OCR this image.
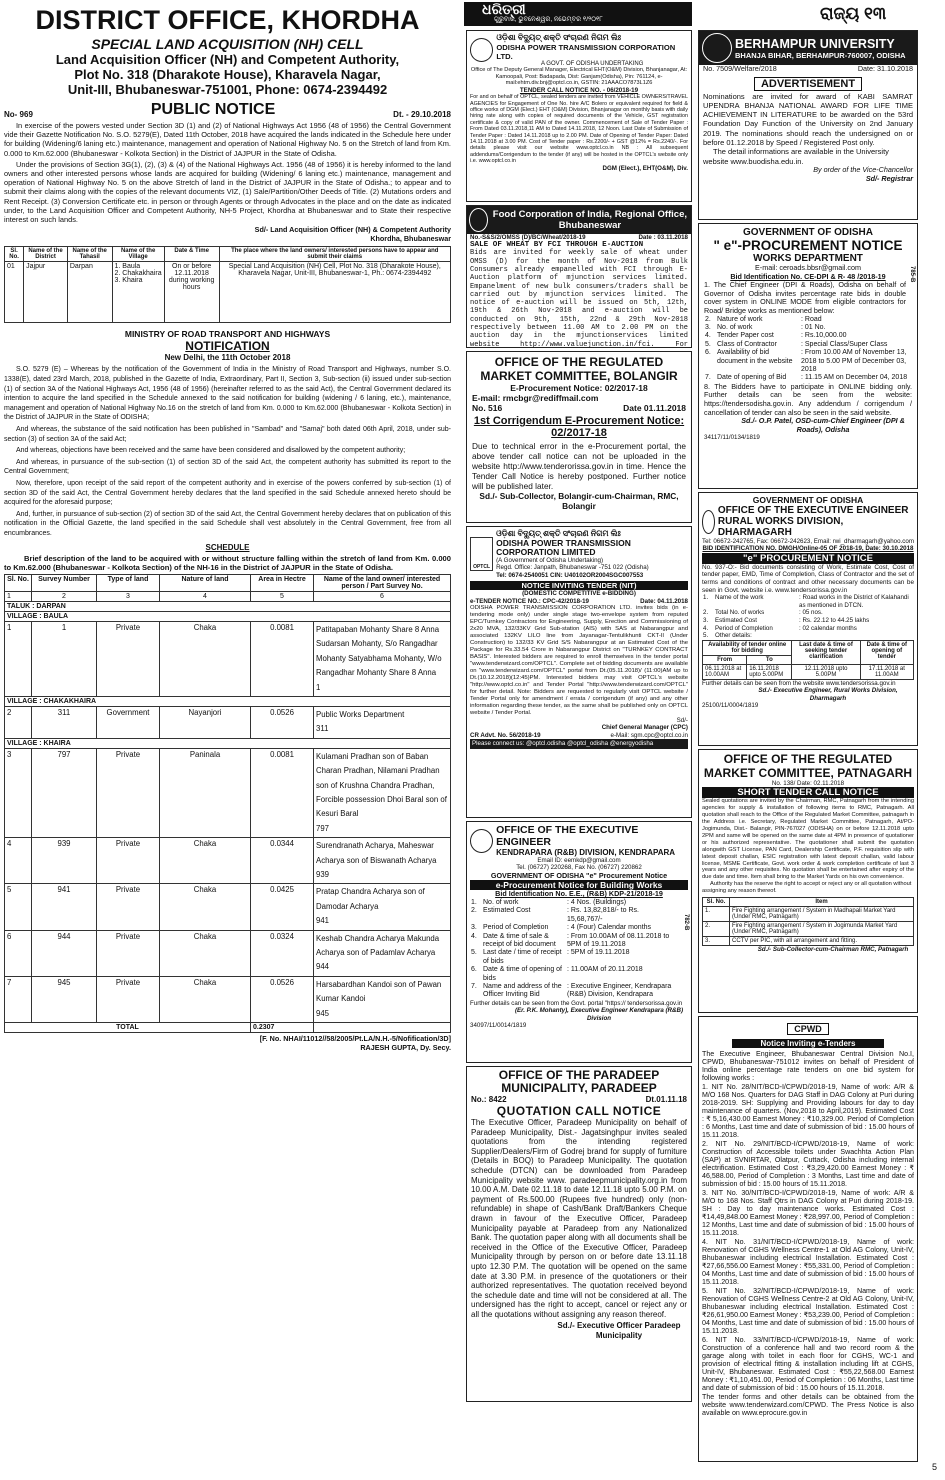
DISTRICT OFFICE, KHORDHA
SPECIAL LAND ACQUISITION (NH) CELL
Land Acquisition Officer (NH) and Competent Authority,
Plot No. 318 (Dharakote House), Kharavela Nagar,
Unit-III, Bhubaneswar-751001, Phone: 0674-2394492
No- 969	PUBLIC NOTICE	Dt. - 29.10.2018

In exercise of the powers vested under Section 3D (1) and (2) of National Highways Act 1956 (48 of 1956) the Central Government vide their Gazette Notification No. S.O. 5279(E), Dated 11th October, 2018 have acquired the lands indicated in the Schedule here under for building (Widening/6 laning etc.) maintenance, management and operation of National Highway No. 5 on the Stretch of land from Km. 0.000 to Km.62.000 (Bhubaneswar - Kolkota Section) in the District of JAJPUR in the State of Odisha.

Under the provisions of Section 3G(1), (2), (3) & (4) of the National Highways Act. 1956 (48 of 1956) it is hereby informed to the land owners and other interested persons whose lands are acquired for building (Widening/ 6 laning etc.) maintenance, management and operation of National Highway No. 5 on the above Stretch of land in the District of JAJPUR in the State of Odisha.; to appear and to submit their claims along with the copies of the relevant documents VIZ, (1) Sale/Partition/Other Deeds of Title. (2) Mutations orders and Rent Receipt. (3) Conversion Certificate etc. in person or through Agents or through Advocates in the place and on the date as indicated under, to the Land Acquisition Officer and Competent Authority, NH-5 Project, Khordha at Bhubaneswar and to State their respective interest on such lands.

Sd/- Land Acquisition Officer (NH) & Competent Authority
Khordha, Bhubaneswar
Sl. No.	Name of the District	Name of the Tahasil	Name of the Village	Date & Time	The place where the land owners/ interested persons have to appear and submit their claims
01	Jajpur	Darpan	1. Baula
2. Chakakhaira
3. Khaira	On or before
12.11.2018
during working hours	Special Land Acquisition (NH) Cell, Plot No. 318 (Dharakote House), Kharavela Nagar, Unit-III, Bhubaneswar-1, Ph.: 0674-2394492
MINISTRY OF ROAD TRANSPORT AND HIGHWAYS
NOTIFICATION
New Delhi, the 11th October 2018

S.O. 5279 (E) – Whereas by the notification of the Government of India in the Ministry of Road Transport and Highways, number S.O. 1338(E), dated 23rd March, 2018, published in the Gazette of India, Extraordinary, Part II, Section 3, Sub-section (ii) issued under sub-section (1) of section 3A of the National Highways Act, 1956 (48 of 1956) (hereinafter referred to as the said Act), the Central Government declared its intention to acquire the land specified in the Schedule annexed to the said notification for building (widening / 6 laning, etc.), maintenance, management and operation of National Highway No.16 on the stretch of land from Km. 0.000 to Km.62.000 (Bhubaneswar - Kolkota Section) in the District of JAJPUR in the State of ODISHA;

And whereas, the substance of the said notification has been published in "Sambad" and "Samaj" both dated 06th April, 2018, under sub-section (3) of section 3A of the said Act;

And whereas, objections have been received and the same have been considered and disallowed by the competent authority;

And whereas, in pursuance of the sub-section (1) of section 3D of the said Act, the competent authority has submitted its report to the Central Government;

Now, therefore, upon receipt of the said report of the competent authority and in exercise of the powers conferred by sub-section (1) of section 3D of the said Act, the Central Government hereby declares that the land specified in the said Schedule annexed hereto should be acquired for the aforesaid purpose;

And, further, in pursuance of sub-section (2) of section 3D of the said Act, the Central Government hereby declares that on publication of this notification in the Official Gazette, the land specified in the said Schedule shall vest absolutely in the Central Government, free from all encumbrances.

SCHEDULE

Brief description of the land to be acquired with or without structure falling within the stretch of land from Km. 0.000 to Km.62.000 (Bhubaneswar - Kolkota Section) of the NH-16 in the District of JAJPUR in the State of Odisha.

Sl. No.	Survey Number	Type of land	Nature of land	Area in Hectre	Name of the land owner/ interested person / Part Survey No.
1	2	3	4	5	6
TALUK : DARPAN					
VILLAGE : BAULA					
1	1	Private	Chaka	0.0081	Patitapaban Mohanty Share 8 Anna Sudarsan Mohanty, S/o Rangadhar Mohanty Satyabhama Mohanty, W/o Rangadhar Mohanty Share 8 Anna
1
VILLAGE : CHAKAKHAIRA					
2	311	Government	Nayanjori	0.0526	Public Works Department
311
VILLAGE : KHAIRA					
3	797	Private	Paninala	0.0081	Kulamani Pradhan son of Baban Charan Pradhan, Nilamani Pradhan son of Krushna Chandra Pradhan, Forcible possession Dhoi Baral son of Kesuri Baral
797
4	939	Private	Chaka	0.0344	Surendranath Acharya, Maheswar Acharya son of Biswanath Acharya
939
5	941	Private	Chaka	0.0425	Pratap Chandra Acharya son of Damodar Acharya
941
6	944	Private	Chaka	0.0324	Keshab Chandra Acharya Makunda Acharya son of Padamlav Acharya
944
7	945	Private	Chaka	0.0526	Harsabardhan Kandoi son of Pawan Kumar Kandoi
945
TOTAL				0.2307	
[F. No. NHAI/11012//58/2005/Pt.LA/N.H.-5/Nofification/3D]
RAJESH GUPTA, Dy. Secy.
ଧରିତ୍ରୀ
ଗୁରୁବାର, ଭୁବନେଶ୍ୱର, ନଭେମ୍ବର ୧/୨୦୧୮	ରାଜ୍ୟ ୧୩
ଓଡ଼ିଶା ବିଦ୍ୟୁତ୍ ଶକ୍ତି ସଂଚାରଣ ନିଗମ ଲିଃ
ODISHA POWER TRANSMISSION CORPORATION LTD.
A GOVT. OF ODISHA UNDERTAKING
Office of The Deputy General Manager, Electrical EHT(O&M) Division, Bhanjanagar, At: Kamoopali, Post: Badapada, Dist: Ganjam(Odisha), Pin: 761124, e-mail:ehtm.div.bnj@optcl.co.in, GSTIN: 21AAACO7873L1Z6
TENDER CALL NOTICE NO. - 06/2018-19
For and on behalf of OPTCL, sealed tenders are invited from VEHICLE OWNERS/TRAVEL AGENCIES for Engagement of One No. hire A/C Bolero or equivalent required for field & office works of DGM (Elect.) EHT (O&M) Division, Bhanjanagar on monthly basis with daily hiring rate along with copies of required documents of the Vehicle, GST registration certificate & copy of valid PAN of the owner. Commencement of Sale of Tender Paper : From Dated 03.11.2018,11 AM to Dated 14.11.2018, 12 Noon. Last Date of Submission of Tender Paper : Dated 14.11.2018 up to 2.00 PM. Date of Opening of Tender Paper: Dated 14.11.2018 at 3.00 PM. Cost of Tender paper : Rs.2200/- + GST @12% = Rs.2240/-. For details please visit our website www.optcl.co.in NB : All subsequent addendums/Corrigendum to the tender (if any) will be hosted in the OPTCL's website only i.e. www.optcl.co.in
DGM (Elect.), EHT(O&M), Div.
Food Corporation of India, Regional Office, Bhubaneswar
No.-S&S/2/OMSS (D)/BC/Wheat/2018-19	Date : 03.11.2018
SALE OF WHEAT BY FCI THROUGH E-AUCTION
Bids are invited for weekly sale of wheat under OMSS (D) for the month of Nov-2018 from Bulk Consumers already empanelled with FCI through E-Auction platform of mjunction services limited. Empanelment of new bulk consumers/traders shall be carried out by mjunction services limited. The notice of e-auction will be issued on 5th, 12th, 19th & 26th Nov-2018 and e-auction will be conducted on 9th, 15th, 22nd & 29th Nov-2018 respectively between 11.00 AM to 2.00 PM on the auction day in the mjunctionservices limited website http://www.valuejunction.in/fci. For
OFFICE OF THE REGULATED MARKET COMMITTEE, BOLANGIR
E-Procurement Notice: 02/2017-18
E-mail: rmcbgr@rediffmail.com
No. 516	Date 01.11.2018
1st Corrigendum E-Procurement Notice: 02/2017-18
Due to technical error in the e-Procurement portal, the above tender call notice can not be uploaded in the website http://www.tenderorissa.gov.in in time. Hence the Tender Call Notice is hereby postponed. Further notice will be published later.
Sd./- Sub-Collector, Bolangir-cum-Chairman, RMC, Bolangir
OPTCL
ଓଡ଼ିଶା ବିଦ୍ୟୁତ୍ ଶକ୍ତି ସଂଚାରଣ ନିଗମ ଲିଃ
ODISHA POWER TRANSMISSION CORPORATION LIMITED
(A Government of Odisha Undertaking)
Regd. Office: Janpath, Bhubaneswar -751 022 (Odisha)
Tel: 0674-2540051 CIN: U40102OR2004SGC007553
NOTICE INVITING TENDER (NIT)
(DOMESTIC COMPETITIVE e-BIDDING)
e-TENDER NOTICE NO.: CPC-42/2018-19	Date: 04.11.2018
ODISHA POWER TRANSMISSION CORPORATION LTD. invites bids (in e-tendering mode only) under single stage two-envelope system from reputed EPC/Turnkey Contractors for Engineering, Supply, Erection and Commissioning of 2x20 MVA, 132/33KV Grid Sub-station (AIS) with SAS at Nabarangpur and associated 132KV LILO line from Jayanagar-Tentulikhunti CKT-II (Under Construction) to 132/33 KV Grid S/S Nabarangpur at an Estimated Cost of the Package for Rs.33.54 Crore in Nabarangpur District on "TURNKEY CONTRACT BASIS". Interested bidders are required to enroll themselves in the tender portal "www.tenderwizard.com/OPTCL". Complete set of bidding documents are available on "www.tenderwizard.com/OPTCL" portal from Dt.(05.11.2018)/ (11:00)AM up to Dt.(10.12.2018)(12:45)PM. Interested bidders may visit OPTCL's website "http://www.optcl.co.in" and Tender Portal "http://www.tenderwizard.com/OPTCL" for further detail. Note: Bidders are requested to regularly visit OPTCL website / Tender Portal only for amendment / errata / corrigendum (if any) and any other information regarding these tender, as the same shall be published only on OPTCL website / Tender Portal.
Sd/-
Chief General Manager (CPC)
CR Advt. No. 56/2018-19	e-Mail: sgm.cpc@optcl.co.in
Please connect us: @optcl.odisha @optcl_odisha @energyodisha
OFFICE OF THE EXECUTIVE ENGINEER
KENDRAPARA (R&B) DIVISION, KENDRAPARA
Email ID: eemkdp@gmail.com
Tel. (06727) 220268, Fax No. (06727) 220862
GOVERNMENT OF ODISHA "e" Procurement Notice
e-Procurement Notice for Building Works
Bid Identification No. E.E., (R&B) KDP-21/2018-19
782-B
1.	No. of work	: 4 Nos. (Buildings)
2.	Estimated Cost	: Rs. 13,82,818/- to Rs. 15,68,767/-
3.	Period of Completion	: 4 (Four) Calendar months
4.	Date & time of sale & receipt of bid document	: From 10.00AM of 08.11.2018 to 5PM of 19.11.2018
5.	Last date / time of receipt of bids	: 5PM of 19.11.2018
6.	Date & time of opening of bids	: 11.00AM of 20.11.2018
7.	Name and address of the Officer Inviting Bid	: Executive Engineer, Kendrapara (R&B) Division, Kendrapara
Further details can be seen from the Govt. portal "https:// tendersorissa.gov.in
(Er. P.K. Mohanty), Executive Engineer Kendrapara (R&B) Division
34097/11/0014/1819
OFFICE OF THE PARADEEP MUNICIPALITY, PARADEEP
No.: 8422	Dt.01.11.18
QUOTATION CALL NOTICE
The Executive Officer, Paradeep Municipality on behalf of Paradeep Municipality, Dist.- Jagatsinghpur invites sealed quotations from the intending registered Supplier/Dealers/Firm of Godrej brand for supply of furniture (Details in BOQ) to Paradeep Municipality. The quotation schedule (DTCN) can be downloaded from Paradeep Municipality website www. paradeepmunicipality.org.in from 10.00 A.M. Date 02.11.18 to date 12.11.18 upto 5.00 P.M. on payment of Rs.500.00 (Rupees five hundred) only (non-refundable) in shape of Cash/Bank Draft/Bankers Cheque drawn in favour of the Executive Officer, Paradeep Municipality payable at Paradeep from any Nationalized Bank. The quotation paper along with all documents shall be received in the Office of the Executive Officer, Paradeep Municipality through by person on or before date 13.11.18 upto 12.30 P.M. The quotation will be opened on the same date at 3.30 P.M. in presence of the quotationers or their authorized representatives. The quotation received beyond the schedule date and time will not be considered at all. The undersigned has the right to accept, cancel or reject any or all the quotations without assigning any reason thereof.
Sd./- Executive Officer Paradeep Municipality
BERHAMPUR UNIVERSITY
BHANJA BIHAR, BERHAMPUR-760007, ODISHA
No. 7509/Welfare/2018	Date: 31.10.2018
ADVERTISEMENT
Nominations are invited for award of KABI SAMRAT UPENDRA BHANJA NATIONAL AWARD FOR LIFE TIME ACHIEVEMENT IN LITERATURE to be awarded on the 53rd Foundation Day Function of the University on 2nd January 2019. The nominations should reach the undersigned on or before 01.12.2018 by Speed / Registered Post only.
The detail informations are available in the University website www.buodisha.edu.in.
By order of the Vice-Chancellor
Sd/- Registrar
GOVERNMENT OF ODISHA
" e"-PROCUREMENT NOTICE
WORKS DEPARTMENT
E-mail: ceroads.bbsr@gmail.com
Bid Identification No. CE-DPI & R- 48 /2018-19	785-B
1. The Chief Engineer (DPI & Roads), Odisha on behalf of Governor of Odisha invites percentage rate bids in double cover system in ONLINE MODE from eligible contractors for Road/ Bridge works as mentioned below:
2.	Nature of work	: Road
3.	No. of work	: 01 No.
4.	Tender Paper cost	: Rs.10,000.00
5.	Class of Contractor	: Special Class/Super Class
6.	Availability of bid document in the website	: From 10.00 AM of November 13, 2018 to 5.00 PM of December 03, 2018
7.	Date of opening of Bid	: 11.15 AM on December 04, 2018
8. The Bidders have to participate in ONLINE bidding only. Further details can be seen from the website: https://tendersodisha.gov.in. Any addendum / corrigendum / cancellation of tender can also be seen in the said website.
Sd./- O.P. Patel, OSD-cum-Chief Engineer (DPI & Roads), Odisha
34117/11/0134/1819
GOVERNMENT OF ODISHA
OFFICE OF THE EXECUTIVE ENGINEER RURAL WORKS DIVISION, DHARMAGARH
Tel: 06672-242765, Fax: 06672-242623, Email: rwi_dharmagarh@yahoo.com
BID IDENTIFICATION NO. DMGH/Online-05 OF 2018-19, Date: 30.10.2018
"e" PROCUREMENT NOTICE
No. 937-O:- Bid documents consisting of Work, Estimate Cost, Cost of tender paper, EMD, Time of Completion, Class of Contractor and the set of terms and conditions of contract and other necessary documents can be seen in Govt. website i.e. www.tendersorissa.gov.in
1.	Name of the work	: Road works in the District of Kalahandi as mentioned in DTCN.
2.	Total No. of works	: 05 nos.
3.	Estimated Cost	: Rs. 22.12 to 44.25 lakhs
4.	Period of Completion	: 02 calendar months
5.	Other details:	
Availability of tender online for bidding		Last date & time of seeking tender clarification	Date & time of opening of tender
From	To		
06.11.2018 at 10.00AM	16.11.2018 upto 5.00PM	12.11.2018 upto 5.00PM	17.11.2018 at 11.00AM
Further details can be seen from the website www.tendersorissa.gov.in
Sd./- Executive Engineer, Rural Works Division, Dharmagarh
25100/11/0004/1819
OFFICE OF THE REGULATED MARKET COMMITTEE, PATNAGARH
No. 138/ Date: 02.11.2018
SHORT TENDER CALL NOTICE
Sealed quotations are invited by the Chairman, RMC, Patnagarh from the intending agencies for supply & installation of following items to RMC, Patnagarh. All quotation shall reach to the Office of the Regulated Market Committee, patnagarh in the Address i.e. Secretary, Regulated Market Committee, Patnagarh, At/PO- Jogimunda, Dist.- Balangir, PIN-767027 (ODISHA) on or before 12.11.2018 upto 2PM and same will be opened on the same date at 4PM in presence of quotationer or his authorized representative. The quotationer shall submit the quotation alongwith GST License, PAN Card, Dealership Certificate, P.F. requisition slip with latest deposit challan, ESIC registration with latest deposit challan, valid labour license, MSME Certificate, Govt. work order & work completion certificate of last 3 years and any other requisites. No quotation shall be entertained after expiry of the due date and time. Item shall bring to the Market Yards on his own convenience.
Authority has the reserve the right to accept or reject any or all quotation without assigning any reason thereof.
Sl. No.	Item
1.	Fire Fighting arrangement / System in Madhapali Market Yard (Under RMC, Patnagarh)
2.	Fire Fighting arrangement / System in Jogimunda Market Yard (Under RMC, Patnagarh)
3.	CCTV per PIC, with all arrangement and fitting.
Sd./- Sub-Collector-cum-Chairman RMC, Patnagarh
CPWD
Notice Inviting e-Tenders
The Executive Engineer, Bhubaneswar Central Division No.I, CPWD, Bhubaneswar-751012 invites on behalf of President of India online percentage rate tenders on one bid system for following works :
1. NIT No. 28/NIT/BCD-I/CPWD/2018-19, Name of work: A/R & M/O 168 Nos. Quarters for DAG Staff in DAG Colony at Puri during 2018-2019. SH: Supplying and Providing labours for day to day maintenance of quarters. (Nov,2018 to April,2019). Estimated Cost : ₹ 5,16,430.00 Earnest Money : ₹10,329.00. Period of Completion : 6 Months, Last time and date of submission of bid : 15.00 hours of 15.11.2018.
2. NIT No. 29/NIT/BCD-I/CPWD/2018-19, Name of work: Construction of Accessible toilets under Swachhta Action Plan (SAP) at SVNIRTAR, Olatpur, Cuttack, Odisha including internal electrification. Estimated Cost : ₹3,29,420.00 Earnest Money : ₹ 46,588.00, Period of Completion : 3 Months, Last time and date of submission of bid : 15.00 hours of 15.11.2018.
3. NIT No. 30/NIT/BCD-I/CPWD/2018-19, Name of work: A/R & M/O to 168 Nos. Staff Qtrs in DAG Colony at Puri during 2018-19. SH : Day to day maintenance works. Estimated Cost : ₹14,49,848.00 Earnest Money : ₹28,997.00, Period of Completion : 12 Months, Last time and date of submission of bid : 15.00 hours of 15.11.2018.
4. NIT No. 31/NIT/BCD-I/CPWD/2018-19, Name of work: Renovation of CGHS Wellness Centre-1 at Old AG Colony, Unit-IV, Bhubaneswar including electrical Installation. Estimated Cost : ₹27,66,556.00 Earnest Money : ₹55,331.00, Period of Completion : 04 Months, Last time and date of submission of bid : 15.00 hours of 15.11.2018.
5. NIT No. 32/NIT/BCD-I/CPWD/2018-19, Name of work: Renovation of CGHS Wellness Centre-2 at Old AG Colony, Unit-IV, Bhubaneswar including electrical Installation. Estimated Cost : ₹26,61,950.00 Earnest Money : ₹53,239.00, Period of Completion : 04 Months, Last time and date of submission of bid : 15.00 hours of 15.11.2018.
6. NIT No. 33/NIT/BCD-I/CPWD/2018-19, Name of work: Construction of a conference hall and two record room & the garage along with toilet in each floor for CGHS, WC-1 and provision of electrical fitting & installation including lift at CGHS, Unit-IV, Bhubaneswar. Estimated Cost : ₹55,22,568.00 Earnest Money : ₹1,10,451.00, Period of Completion : 06 Months, Last time and date of submission of bid : 15.00 hours of 15.11.2018.
The tender forms and other details can be obtained from the website www.tenderwizard.com/CPWD. The Press Notice is also available on www.eprocure.gov.in
5
